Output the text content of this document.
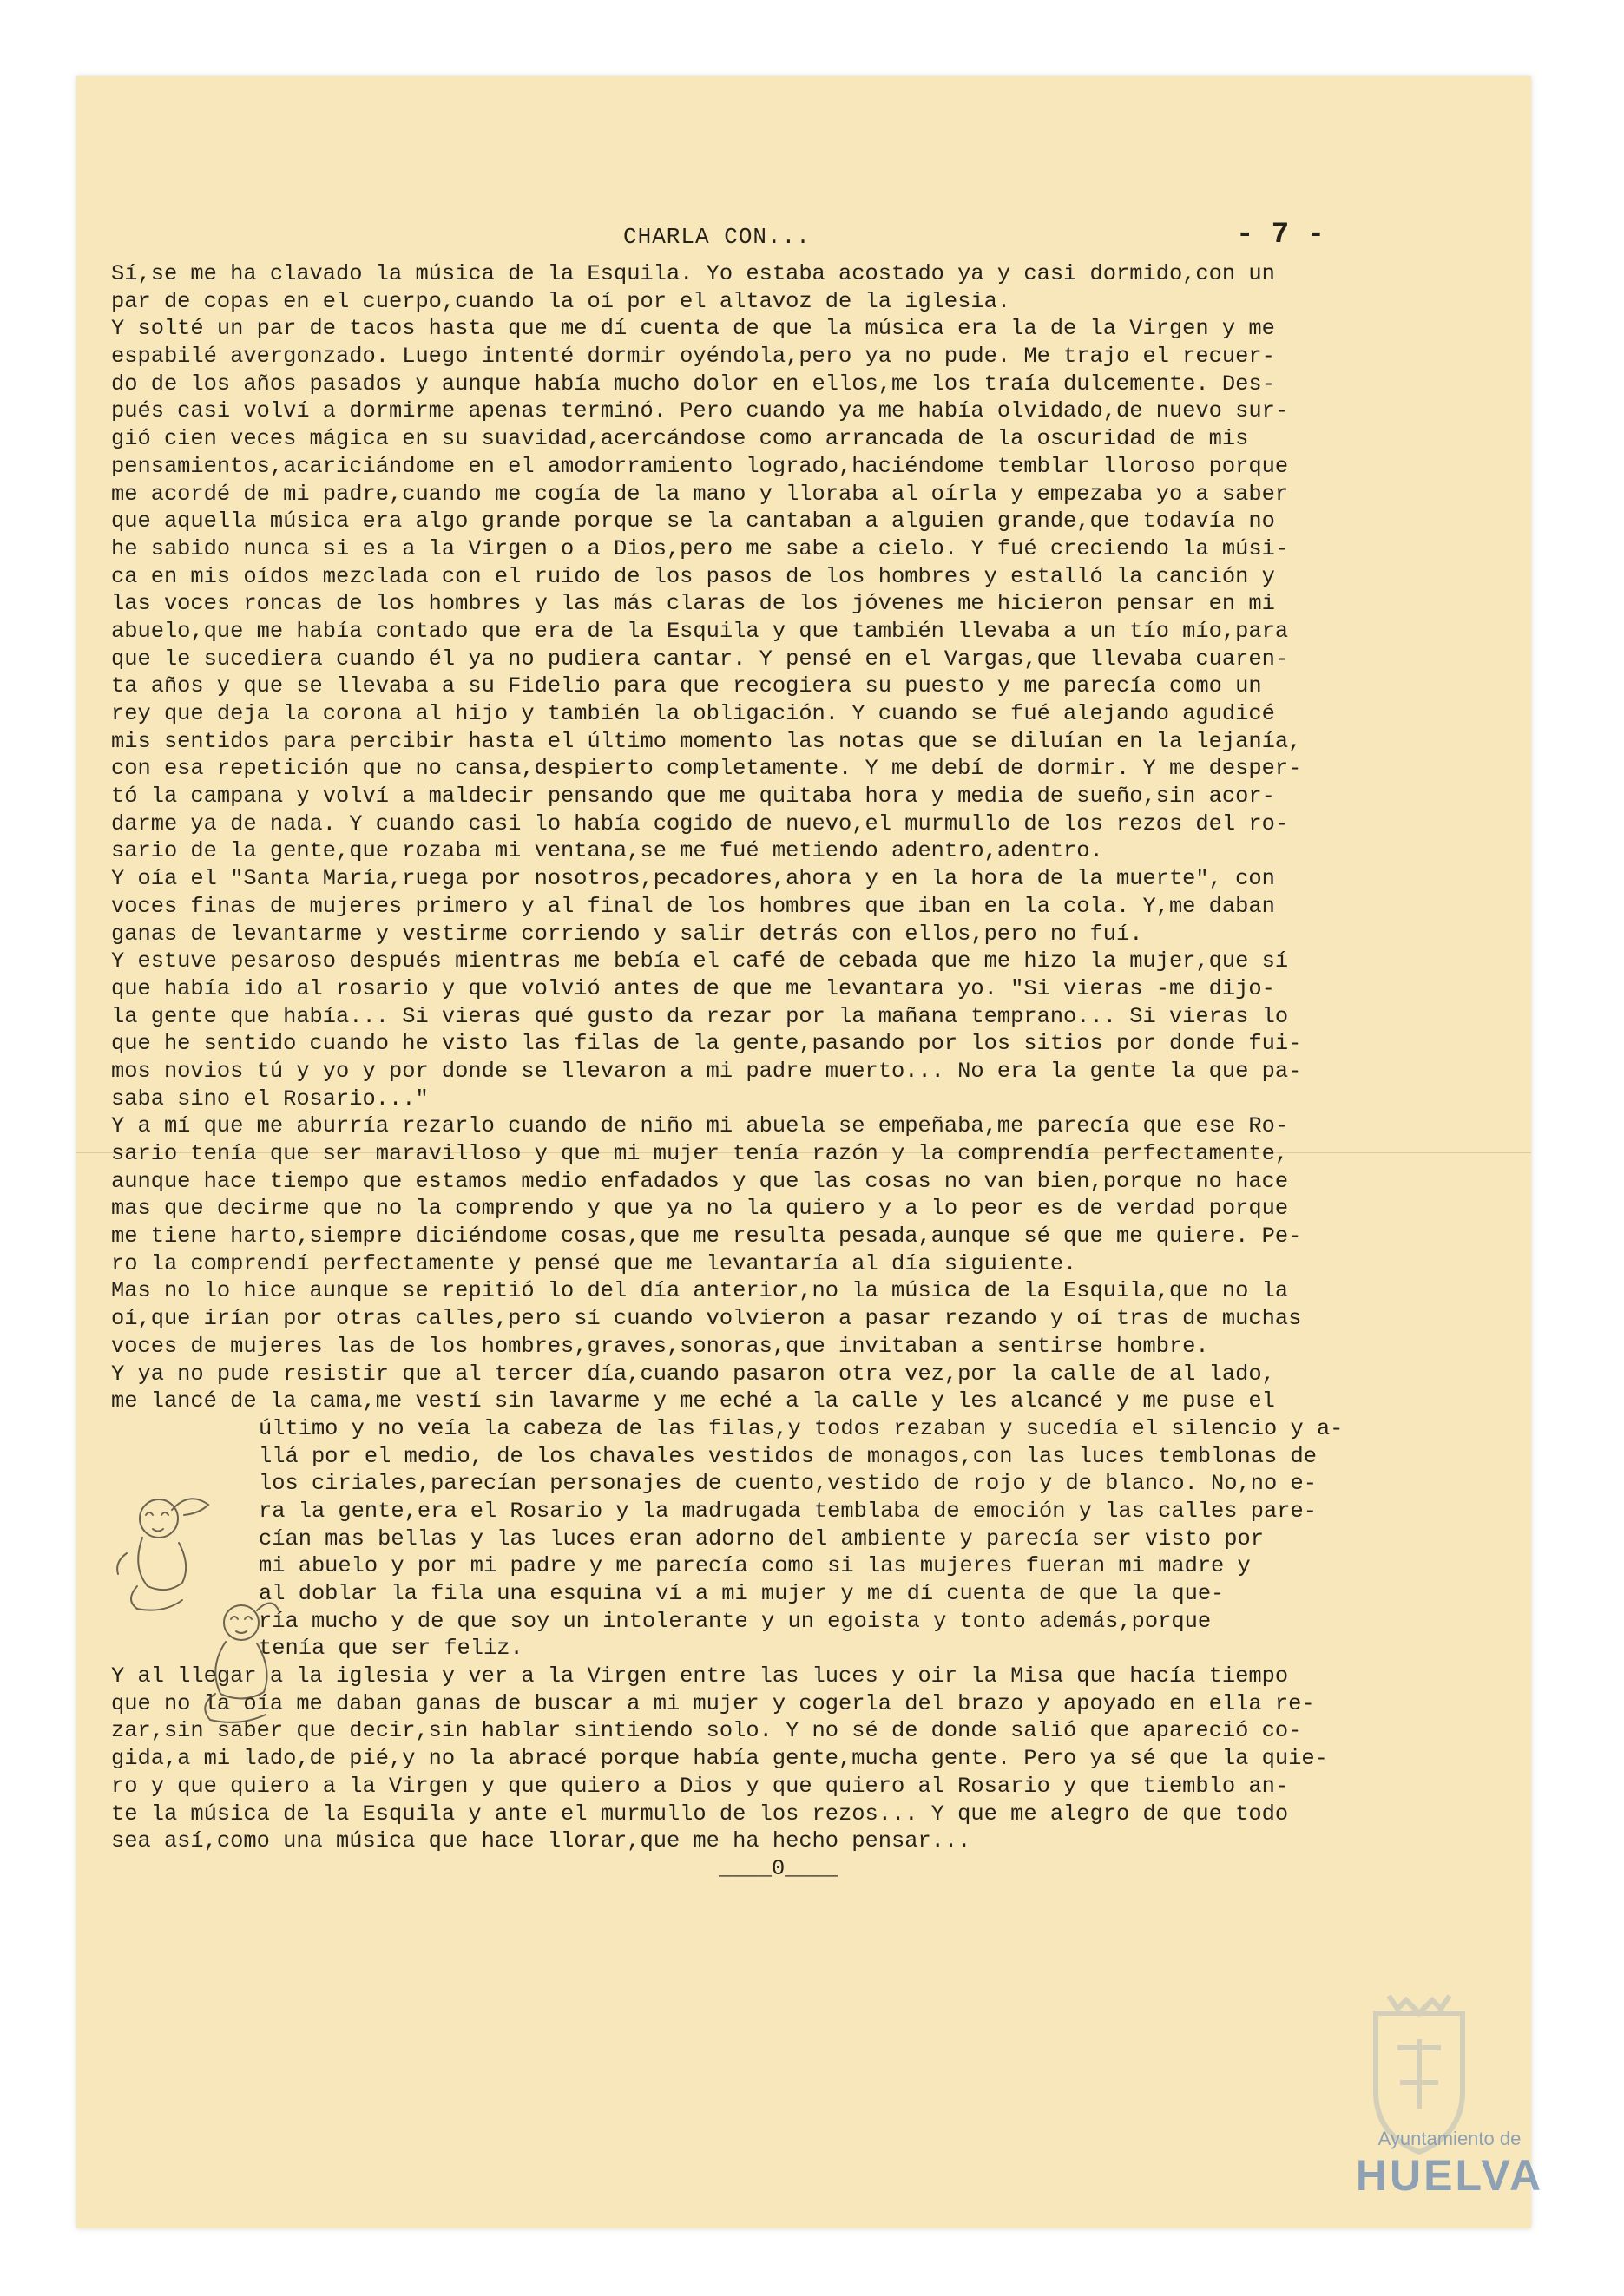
CHARLA CON...	- 7 -
Sí,se me ha clavado la música de la Esquila. Yo estaba acostado ya y casi dormido,con un
par de copas en el cuerpo,cuando la oí por el altavoz de la iglesia.
Y solté un par de tacos hasta que me dí cuenta de que la música era la de la Virgen y me
espabilé avergonzado. Luego intenté dormir oyéndola,pero ya no pude. Me trajo el recuer-
do de los años pasados y aunque había mucho dolor en ellos,me los traía dulcemente. Des-
pués casi volví a dormirme apenas terminó. Pero cuando ya me había olvidado,de nuevo sur-
gió cien veces mágica en su suavidad,acercándose como arrancada de la oscuridad de mis
pensamientos,acariciándome en el amodorramiento logrado,haciéndome temblar lloroso porque
me acordé de mi padre,cuando me cogía de la mano y lloraba al oírla y empezaba yo a saber
que aquella música era algo grande porque se la cantaban a alguien grande,que todavía no
he sabido nunca si es a la Virgen o a Dios,pero me sabe a cielo. Y fué creciendo la músi-
ca en mis oídos mezclada con el ruido de los pasos de los hombres y estalló la canción y
las voces roncas de los hombres y las más claras de los jóvenes me hicieron pensar en mi
abuelo,que me había contado que era de la Esquila y que también llevaba a un tío mío,para
que le sucediera cuando él ya no pudiera cantar. Y pensé en el Vargas,que llevaba cuaren-
ta años y que se llevaba a su Fidelio para que recogiera su puesto y me parecía como un
rey que deja la corona al hijo y también la obligación. Y cuando se fué alejando agudicé
mis sentidos para percibir hasta el último momento las notas que se diluían en la lejanía,
con esa repetición que no cansa,despierto completamente. Y me debí de dormir. Y me desper-
tó la campana y volví a maldecir pensando que me quitaba hora y media de sueño,sin acor-
darme ya de nada. Y cuando casi lo había cogido de nuevo,el murmullo de los rezos del ro-
sario de la gente,que rozaba mi ventana,se me fué metiendo adentro,adentro.
Y oía el "Santa María,ruega por nosotros,pecadores,ahora y en la hora de la muerte", con
voces finas de mujeres primero y al final de los hombres que iban en la cola. Y,me daban
ganas de levantarme y vestirme corriendo y salir detrás con ellos,pero no fuí.
Y estuve pesaroso después mientras me bebía el café de cebada que me hizo la mujer,que sí
que había ido al rosario y que volvió antes de que me levantara yo. "Si vieras -me dijo-
la gente que había... Si vieras qué gusto da rezar por la mañana temprano... Si vieras lo
que he sentido cuando he visto las filas de la gente,pasando por los sitios por donde fui-
mos novios tú y yo y por donde se llevaron a mi padre muerto... No era la gente la que pa-
saba sino el Rosario..."
Y a mí que me aburría rezarlo cuando de niño mi abuela se empeñaba,me parecía que ese Ro-
sario tenía que ser maravilloso y que mi mujer tenía razón y la comprendía perfectamente,
aunque hace tiempo que estamos medio enfadados y que las cosas no van bien,porque no hace
mas que decirme que no la comprendo y que ya no la quiero y a lo peor es de verdad porque
me tiene harto,siempre diciéndome cosas,que me resulta pesada,aunque sé que me quiere. Pe-
ro la comprendí perfectamente y pensé que me levantaría al día siguiente.
Mas no lo hice aunque se repitió lo del día anterior,no la música de la Esquila,que no la
oí,que irían por otras calles,pero sí cuando volvieron a pasar rezando y oí tras de muchas
voces de mujeres las de los hombres,graves,sonoras,que invitaban a sentirse hombre.
Y ya no pude resistir que al tercer día,cuando pasaron otra vez,por la calle de al lado,
me lancé de la cama,me vestí sin lavarme y me eché a la calle y les alcancé y me puse el
último y no veía la cabeza de las filas,y todos rezaban y sucedía el silencio y a-
llá por el medio, de los chavales vestidos de monagos,con las luces temblonas de
los ciriales,parecían personajes de cuento,vestido de rojo y de blanco. No,no e-
ra la gente,era el Rosario y la madrugada temblaba de emoción y las calles pare-
cían mas bellas y las luces eran adorno del ambiente y parecía ser visto por
mi abuelo y por mi padre y me parecía como si las mujeres fueran mi madre y
al doblar la fila una esquina ví a mi mujer y me dí cuenta de que la que-
ría mucho y de que soy un intolerante y un egoista y tonto además,porque
tenía que ser feliz.
Y al llegar a la iglesia y ver a la Virgen entre las luces y oir la Misa que hacía tiempo
que no la oía me daban ganas de buscar a mi mujer y cogerla del brazo y apoyado en ella re-
zar,sin saber que decir,sin hablar sintiendo solo. Y no sé de donde salió que apareció co-
gida,a mi lado,de pié,y no la abracé porque había gente,mucha gente. Pero ya sé que la quie-
ro y que quiero a la Virgen y que quiero a Dios y que quiero al Rosario y que tiemblo an-
te la música de la Esquila y ante el murmullo de los rezos... Y que me alegro de que todo
sea así,como una música que hace llorar,que me ha hecho pensar...
____0____
Ayuntamiento de
HUELVA
